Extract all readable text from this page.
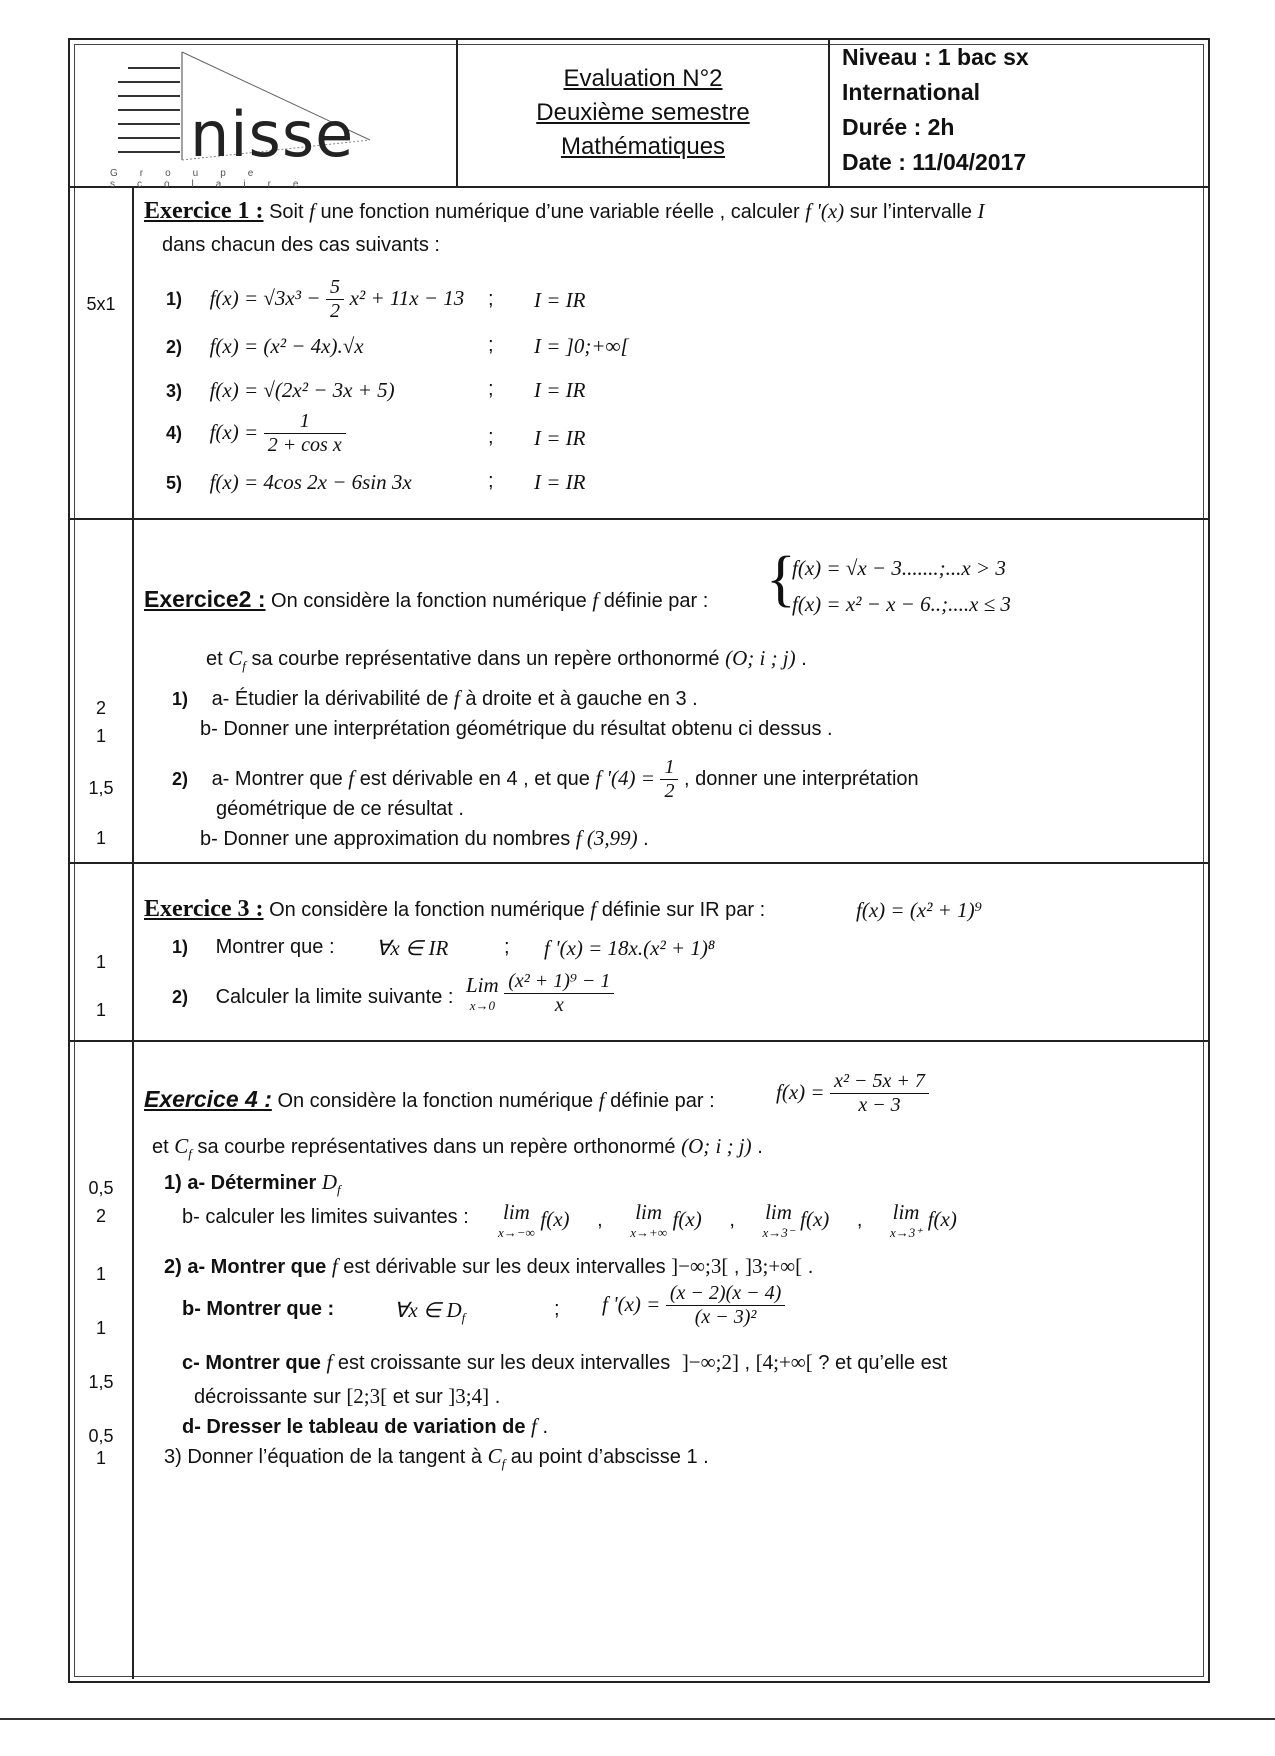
nisse
Groupe scolaire
Evaluation N°2
Deuxième semestre
Mathématiques
Niveau : 1 bac sx
International
Durée : 2h
Date : 11/04/2017
5x1
Exercice 1 : Soit f une fonction numérique d’une variable réelle , calculer f '(x) sur l’intervalle I
dans chacun des cas suivants :
1) $f(x) = √3x^3 - \frac{5}{2} x^2 + 11x - 13$ ; I = IR
2) f(x) = (x² − 4x).√x	; I = ]0;+∞[
3) f(x) = √(2x² − 3x + 5)	; I = IR
4) $f(x) = \frac{1}{\text{2 + cos x}}$	; I = IR
5) f(x) = 4cos 2x − 6sin 3x	; I = IR
2
1
1,5
1
Exercice2 : On considère la fonction numérique f définie par : {
f(x) = √x − 3.......;...x > 3
f(x) = x² − x − 6..;....x ≤ 3
et $C_f$ sa courbe représentative dans un repère orthonormé (O; i ; j) .
1) a- Étudier la dérivabilité de f à droite et à gauche en 3 .
b- Donner une interprétation géométrique du résultat obtenu ci dessus .
2) a- Montrer que f est dérivable en 4 , et que f '$(4) = \frac{1}{2}$ , donner une interprétation
géométrique de ce résultat .
b- Donner une approximation du nombres f (3,99) .
1
1
Exercice 3 : On considère la fonction numérique f définie sur IR par :	f(x) = (x² + 1)⁹
1) Montrer que : ∀x ∈ IR	; f '(x) = 18x.(x² + 1)⁸
2) Calculer la limite suivante : Lim
x→0
$\frac{\text{(x² + 1)⁹ − 1}}{x}$
0,5
2
1
1
1,5
0,5
1
Exercice 4 : On considère la fonction numérique f définie par :	$f(x) = \frac{\text{x² − 5x + 7}}{x - 3}$
et $C_f$ sa courbe représentatives dans un repère orthonormé (O; i ; j) .
1) a- Déterminer $D_f$
b- calculer les limites suivantes : lim
x→−∞
f(x) , lim
x→+∞
f(x) , lim
x→3⁻
f(x) , lim
x→3⁺
f(x)
2) a- Montrer que f est dérivable sur les deux intervalles ]−∞;3[ , ]3;+∞[ .
b- Montrer que :	∀x ∈ $D_f$	; f '$(x) = \frac{(x - 2)(x - 4)}{\text{(x − 3)²}}$
c- Montrer que f est croissante sur les deux intervalles ]−∞;2] , [4;+∞[ ? et qu’elle est
décroissante sur [2;3[ et sur ]3;4] .
d- Dresser le tableau de variation de f .
3) Donner l’équation de la tangent à $C_f$ au point d’abscisse 1 .
